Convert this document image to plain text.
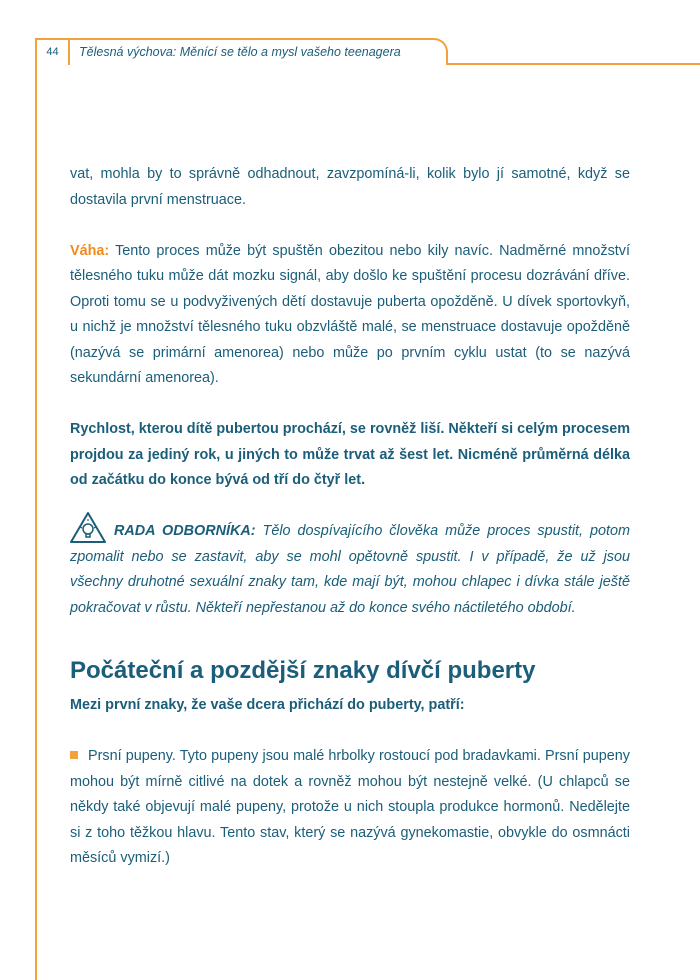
44	Tělesná výchova: Měnící se tělo a mysl vašeho teenagera

vat, mohla by to správně odhadnout, zavzpomíná-li, kolik bylo jí samotné, když se dostavila první menstruace.

Váha: Tento proces může být spuštěn obezitou nebo kily navíc. Nadměrné množství tělesného tuku může dát mozku signál, aby došlo ke spuštění procesu dozrávání dříve. Oproti tomu se u podvyživených dětí dostavuje puberta opožděně. U dívek sportovkyň, u nichž je množství tělesného tuku obzvláště malé, se menstruace dostavuje opožděně (nazývá se primární amenorea) nebo může po prvním cyklu ustat (to se nazývá sekundární amenorea).

Rychlost, kterou dítě pubertou prochází, se rovněž liší. Někteří si celým procesem projdou za jediný rok, u jiných to může trvat až šest let. Nicméně průměrná délka od začátku do konce bývá od tří do čtyř let.

RADA ODBORNÍKA: Tělo dospívajícího člověka může proces spustit, potom zpomalit nebo se zastavit, aby se mohl opětovně spustit. I v případě, že už jsou všechny druhotné sexuální znaky tam, kde mají být, mohou chlapec i dívka stále ještě pokračovat v růstu. Někteří nepřestanou až do konce svého náctiletého období.

Počáteční a pozdější znaky dívčí puberty

Mezi první znaky, že vaše dcera přichází do puberty, patří:

Prsní pupeny. Tyto pupeny jsou malé hrbolky rostoucí pod bradavkami. Prsní pupeny mohou být mírně citlivé na dotek a rovněž mohou být nestejně velké. (U chlapců se někdy také objevují malé pupeny, protože u nich stoupla produkce hormonů. Nedělejte si z toho těžkou hlavu. Tento stav, který se nazývá gynekomastie, obvykle do osmnácti měsíců vymizí.)
